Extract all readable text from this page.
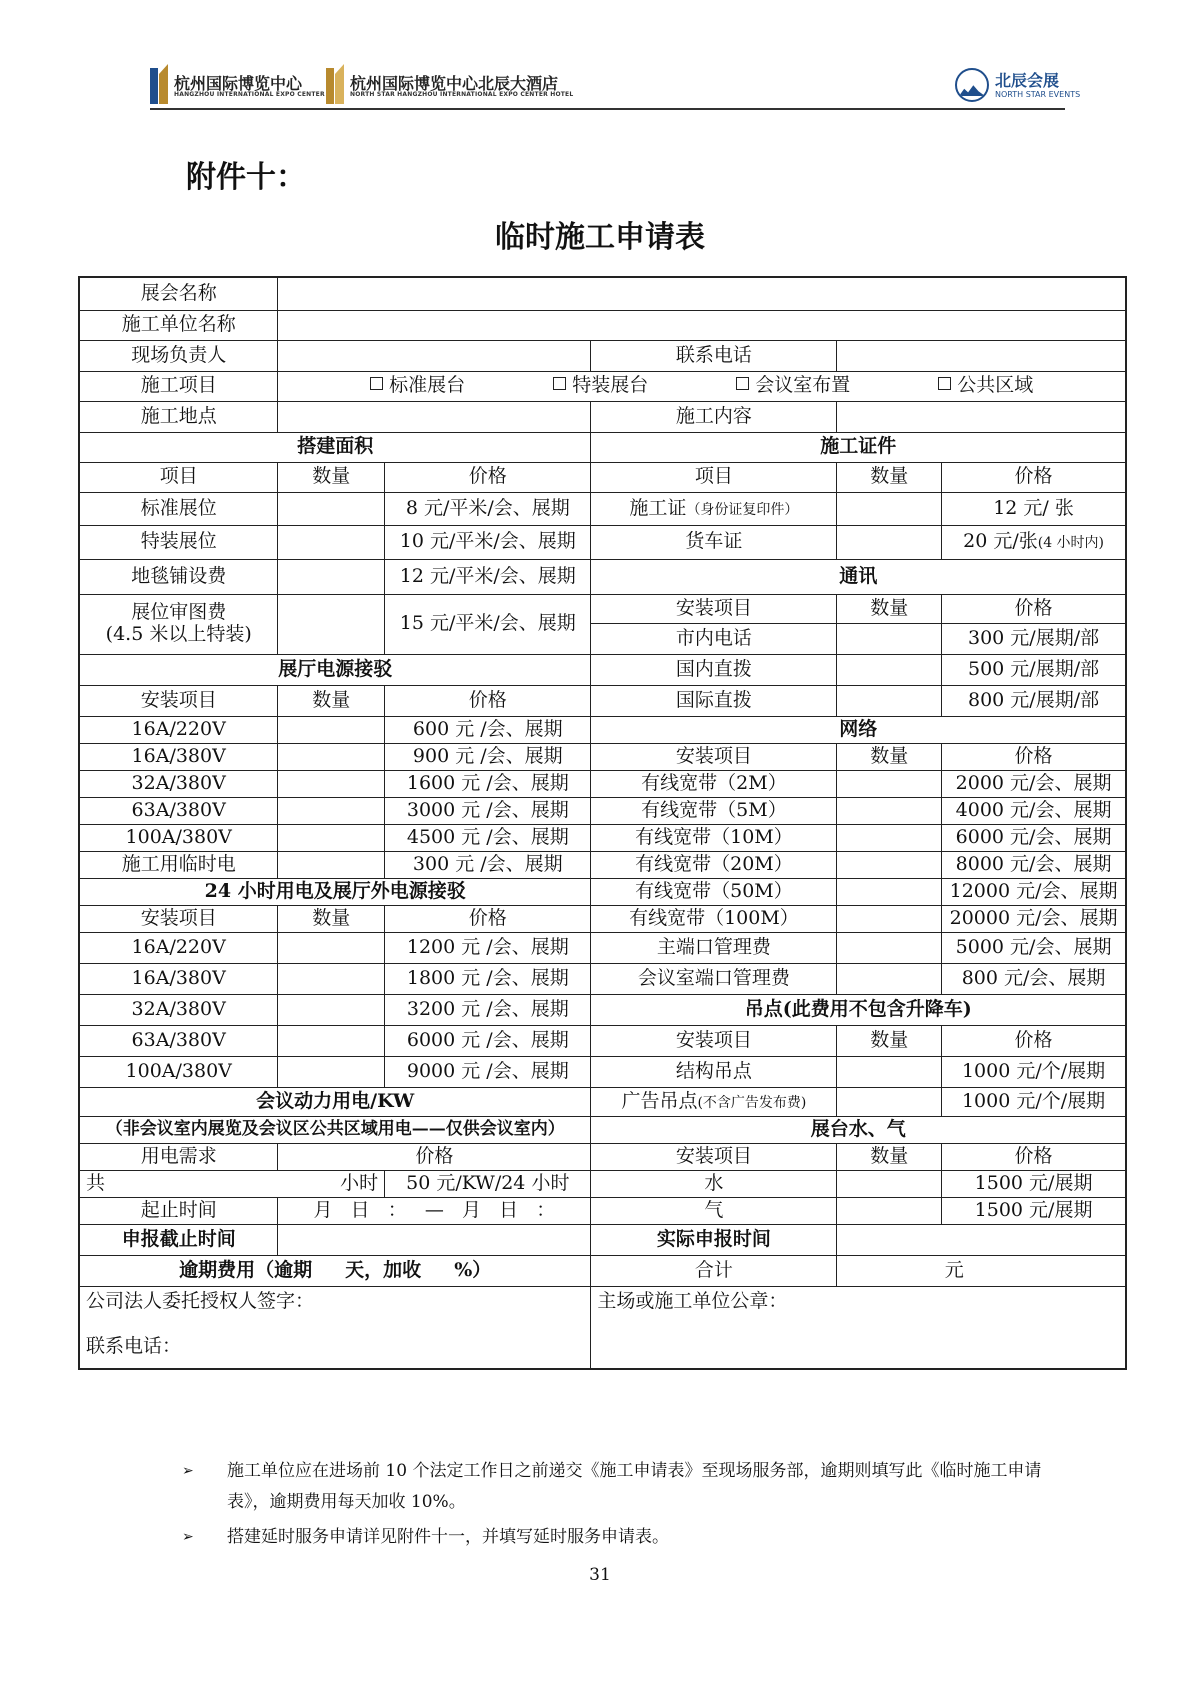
杭州国际博览中心
HANGZHOU INTERNATIONAL EXPO CENTER
杭州国际博览中心北辰大酒店
NORTH STAR HANGZHOU INTERNATIONAL EXPO CENTER HOTEL
北辰会展
NORTH STAR EVENTS
附件十：
临时施工申请表
展会名称					
施工单位名称					
现场负责人			联系电话		
施工项目	标准展台 特装展台 会议室布置 公共区域				
施工地点			施工内容		
搭建面积			施工证件		
项目	数量	价格	项目	数量	价格
标准展位		8 元/平米/会、展期	施工证（身份证复印件）		12 元/ 张
特装展位		10 元/平米/会、展期	货车证		20 元/张(4 小时内)
地毯铺设费		12 元/平米/会、展期	通讯		
展位审图费
(4.5 米以上特装)		15 元/平米/会、展期	安装项目	数量	价格
			市内电话		300 元/展期/部
展厅电源接驳			国内直拨		500 元/展期/部
安装项目	数量	价格	国际直拨		800 元/展期/部
16A/220V		600 元 /会、展期	网络		
16A/380V		900 元 /会、展期	安装项目	数量	价格
32A/380V		1600 元 /会、展期	有线宽带（2M）		2000 元/会、展期
63A/380V		3000 元 /会、展期	有线宽带（5M）		4000 元/会、展期
100A/380V		4500 元 /会、展期	有线宽带（10M）		6000 元/会、展期
施工用临时电		300 元 /会、展期	有线宽带（20M）		8000 元/会、展期
24 小时用电及展厅外电源接驳			有线宽带（50M）		12000 元/会、展期
安装项目	数量	价格	有线宽带（100M）		20000 元/会、展期
16A/220V		1200 元 /会、展期	主端口管理费		5000 元/会、展期
16A/380V		1800 元 /会、展期	会议室端口管理费		800 元/会、展期
32A/380V		3200 元 /会、展期	吊点(此费用不包含升降车)		
63A/380V		6000 元 /会、展期	安装项目	数量	价格
100A/380V		9000 元 /会、展期	结构吊点		1000 元/个/展期
会议动力用电/KW			广告吊点(不含广告发布费)		1000 元/个/展期
（非会议室内展览及会议区公共区域用电——仅供会议室内）			展台水、气		
用电需求	价格		安装项目	数量	价格

共 小时		50 元/KW/24 小时	水		1500 元/展期
起止时间	月   日   ：   —   月   日   ：		气		1500 元/展期
申报截止时间			实际申报时间		
逾期费用（逾期     天，加收     %）			合计	元	

公司法人委托授权人签字：
联系电话：			主场或施工单位公章：		
➢ 施工单位应在进场前 10 个法定工作日之前递交《施工申请表》至现场服务部，逾期则填写此《临时施工申请表》，逾期费用每天加收 10%。
➢ 搭建延时服务申请详见附件十一，并填写延时服务申请表。
31
